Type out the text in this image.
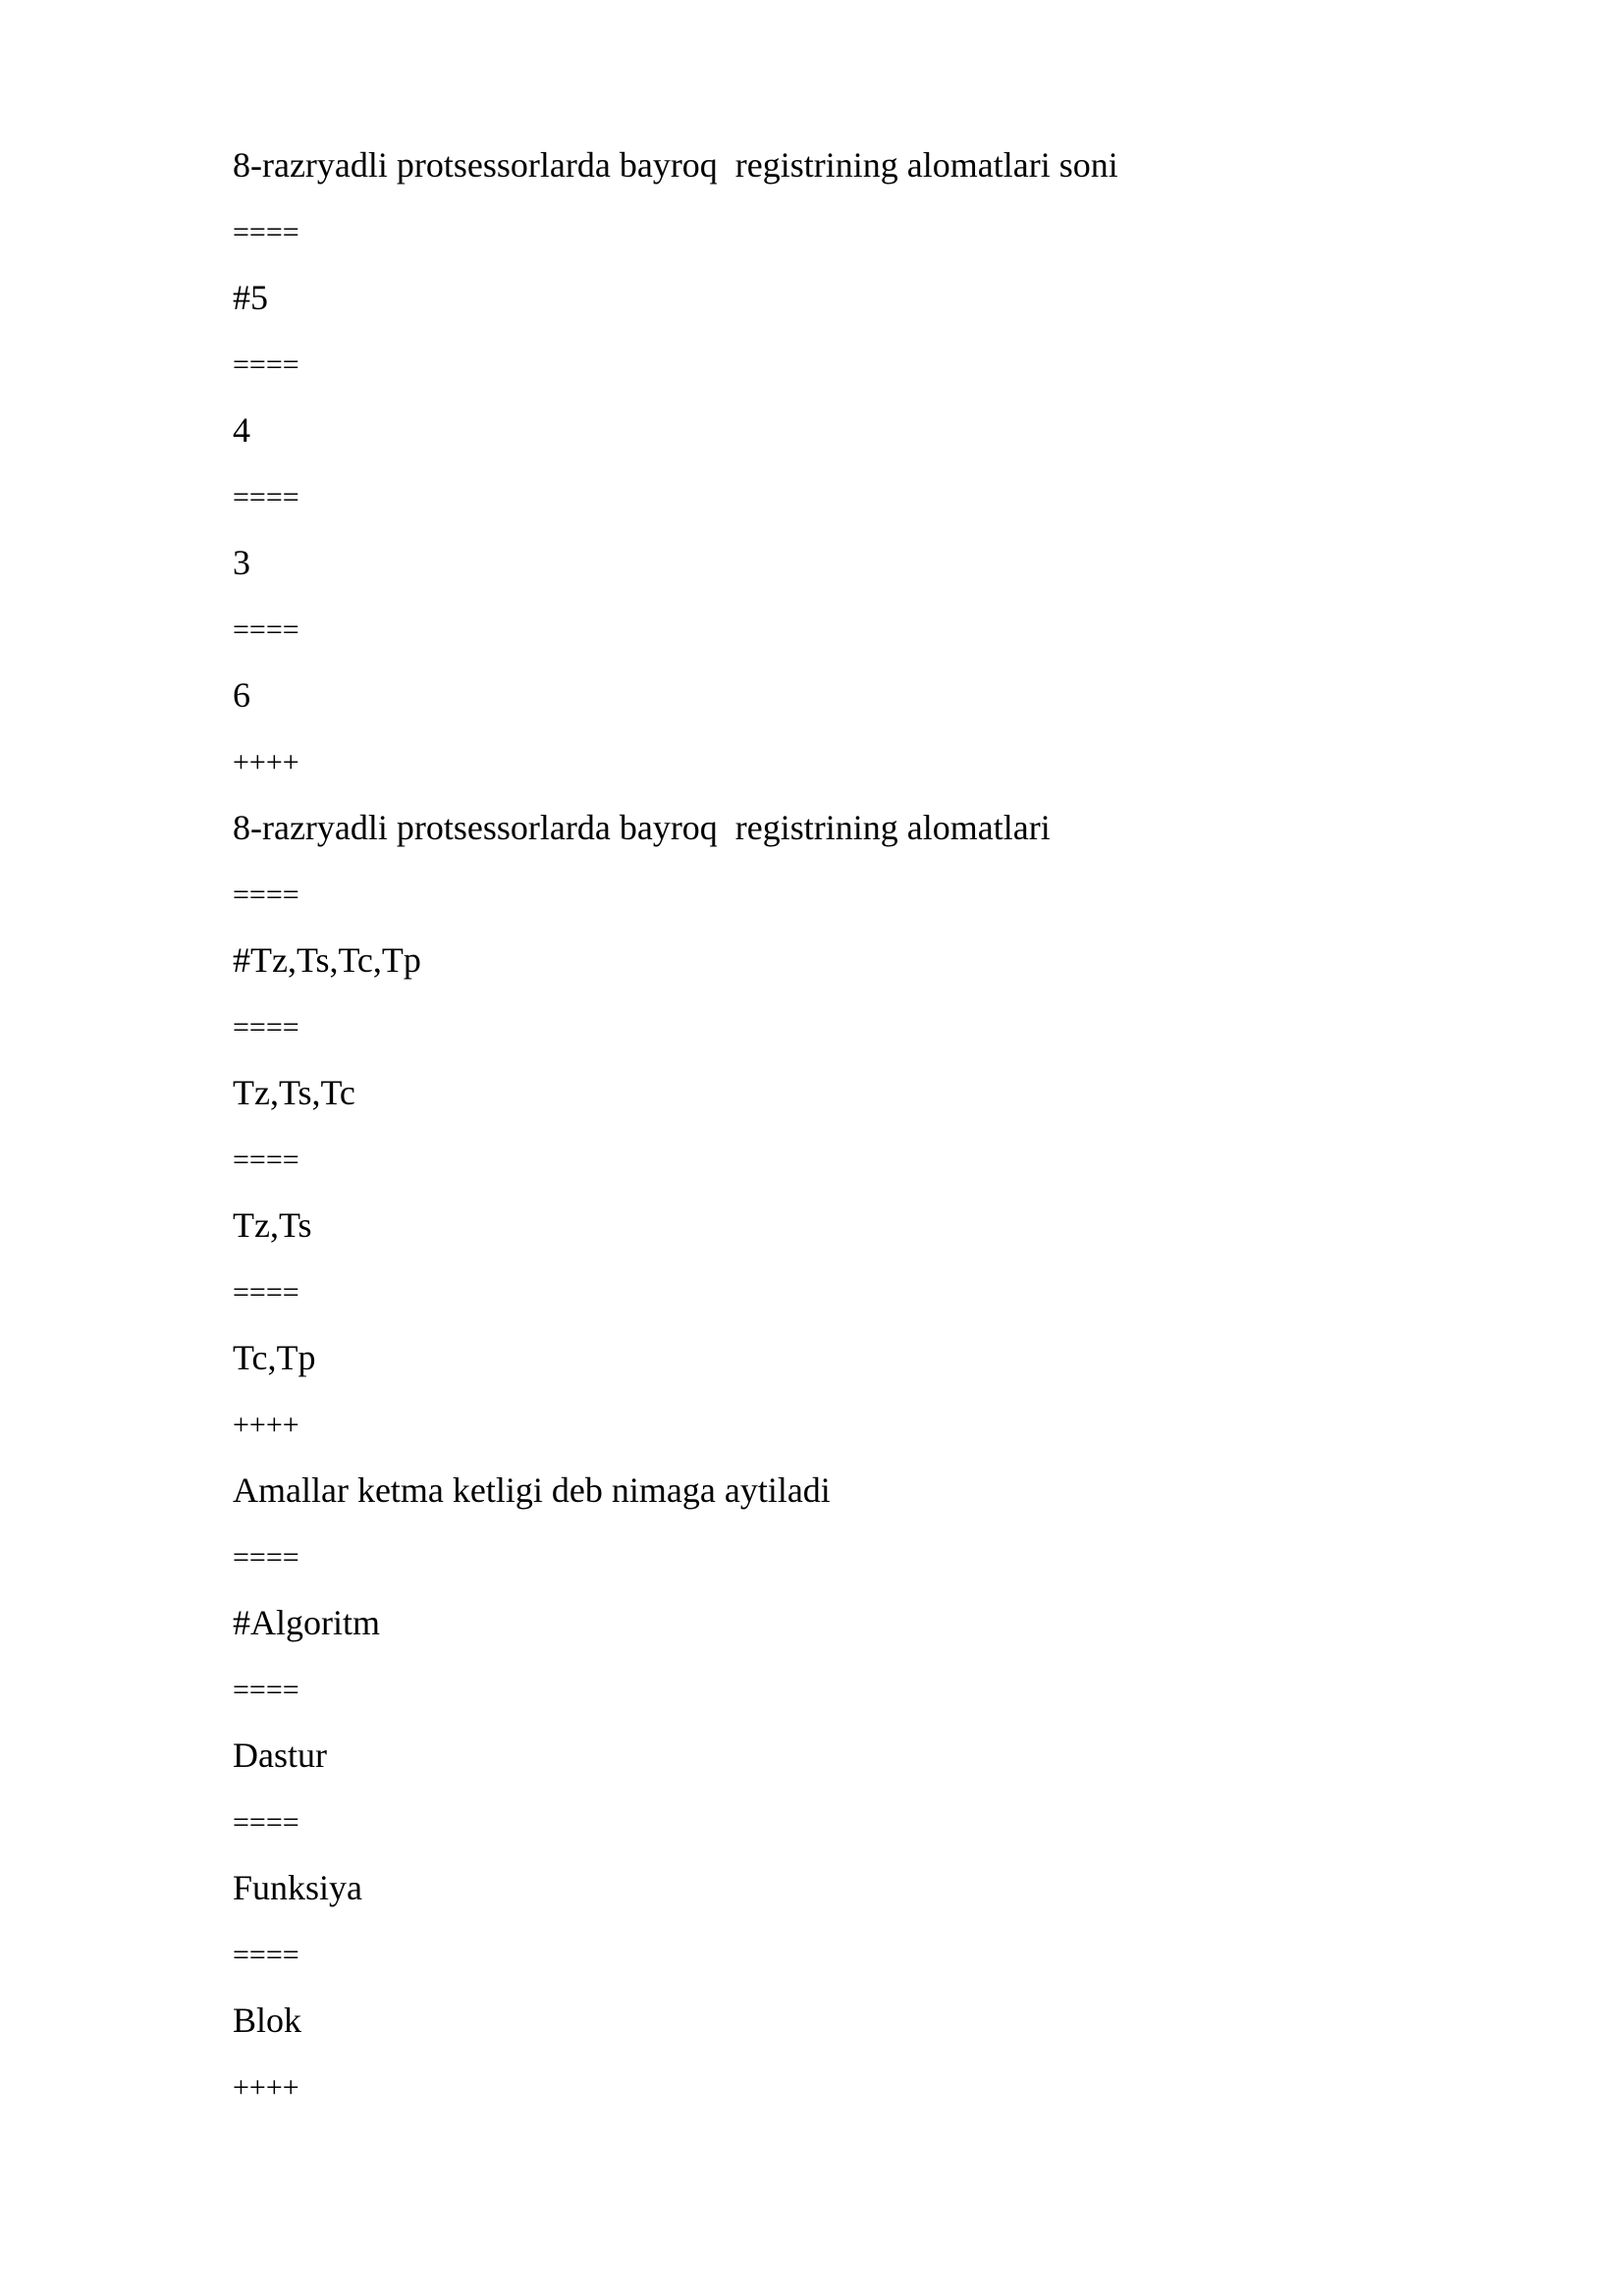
8-razryadli protsessorlarda bayroq  registrining alomatlari soni
====
#5
====
4
====
3
====
6
++++
8-razryadli protsessorlarda bayroq  registrining alomatlari
====
#Tz,Ts,Tc,Tp
====
Tz,Ts,Tc
====
Tz,Ts
====
Tc,Tp
++++
Amallar ketma ketligi deb nimaga aytiladi
====
#Algoritm
====
Dastur
====
Funksiya
====
Blok
++++
